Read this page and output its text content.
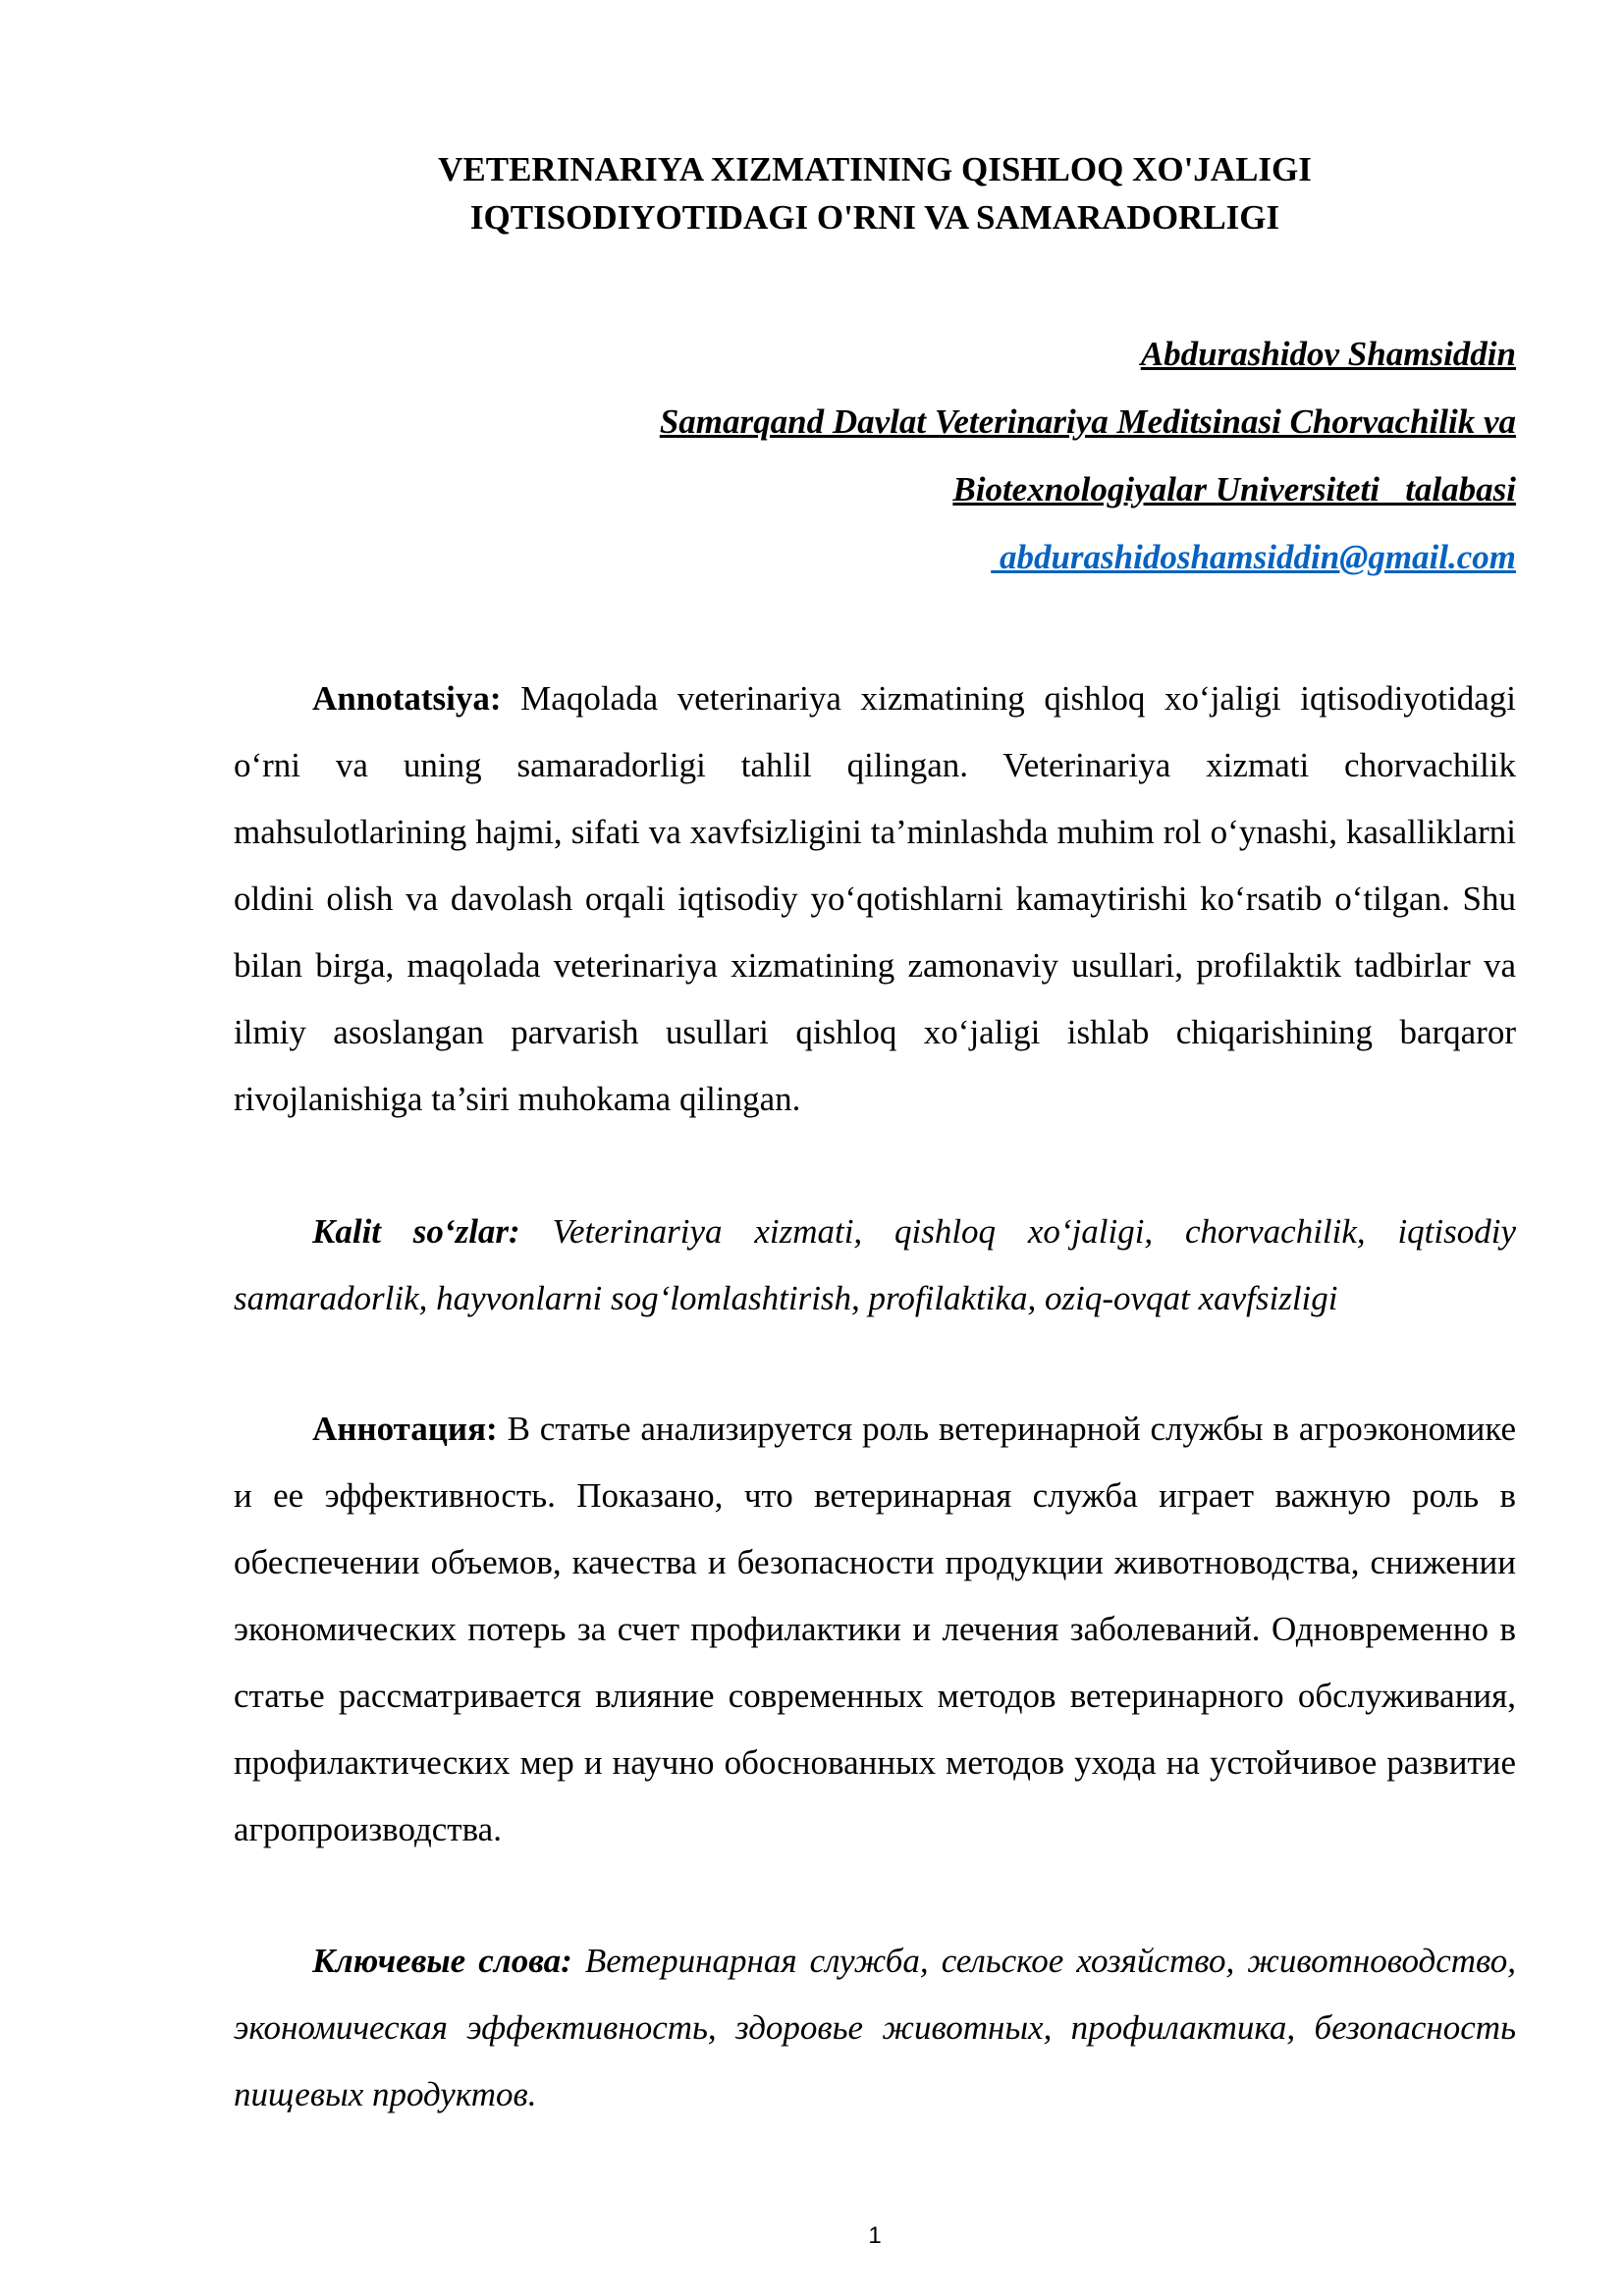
VETERINARIYA XIZMATINING QISHLOQ XO'JALIGI
IQTISODIYOTIDAGI O'RNI VA SAMARADORLIGI
Abdurashidov Shamsiddin
Samarqand Davlat Veterinariya Meditsinasi Chorvachilik va
Biotexnologiyalar Universiteti   talabasi
abdurashidoshamsiddin@gmail.com

Annotatsiya: Maqolada veterinariya xizmatining qishloq xo‘jaligi iqtisodiyotidagi o‘rni va uning samaradorligi tahlil qilingan. Veterinariya xizmati chorvachilik mahsulotlarining hajmi, sifati va xavfsizligini ta’minlashda muhim rol o‘ynashi, kasalliklarni oldini olish va davolash orqali iqtisodiy yo‘qotishlarni kamaytirishi ko‘rsatib o‘tilgan. Shu bilan birga, maqolada veterinariya xizmatining zamonaviy usullari, profilaktik tadbirlar va ilmiy asoslangan parvarish usullari qishloq xo‘jaligi ishlab chiqarishining barqaror rivojlanishiga ta’siri muhokama qilingan.

Kalit so‘zlar: Veterinariya xizmati, qishloq xo‘jaligi, chorvachilik, iqtisodiy samaradorlik, hayvonlarni sog‘lomlashtirish, profilaktika, oziq-ovqat xavfsizligi

Аннотация: В статье анализируется роль ветеринарной службы в агроэкономике и ее эффективность. Показано, что ветеринарная служба играет важную роль в обеспечении объемов, качества и безопасности продукции животноводства, снижении экономических потерь за счет профилактики и лечения заболеваний. Одновременно в статье рассматривается влияние современных методов ветеринарного обслуживания, профилактических мер и научно обоснованных методов ухода на устойчивое развитие агропроизводства.

Ключевые слова: Ветеринарная служба, сельское хозяйство, животноводство, экономическая эффективность, здоровье животных, профилактика, безопасность пищевых продуктов.

1
